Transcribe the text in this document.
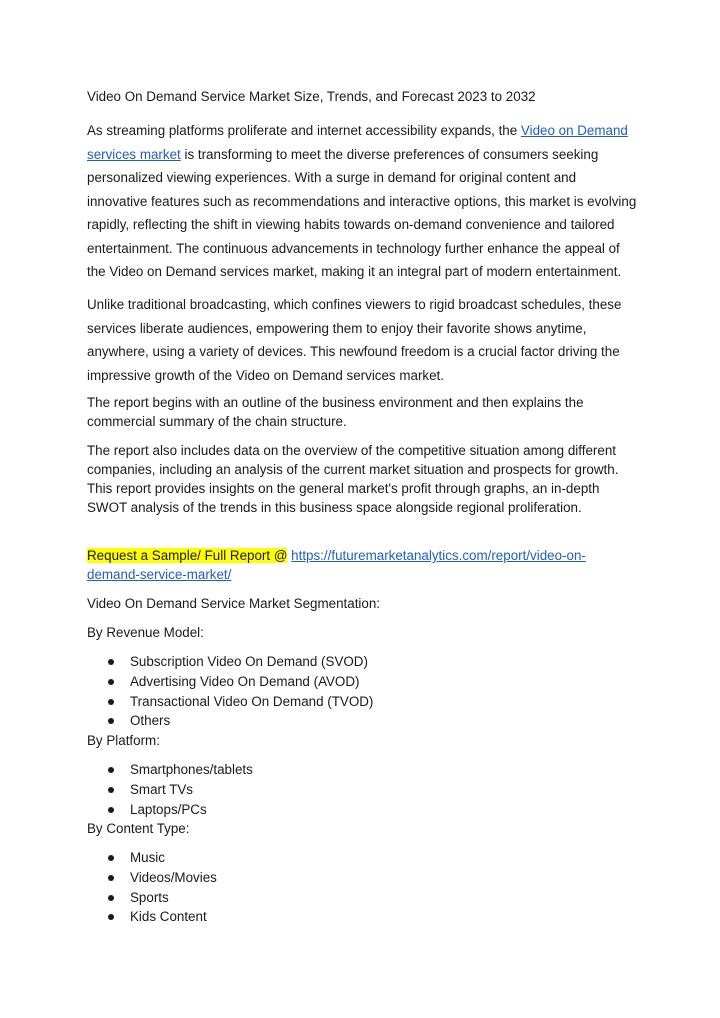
Video On Demand Service Market Size, Trends, and Forecast 2023 to 2032

As streaming platforms proliferate and internet accessibility expands, the Video on Demand services market is transforming to meet the diverse preferences of consumers seeking personalized viewing experiences. With a surge in demand for original content and innovative features such as recommendations and interactive options, this market is evolving rapidly, reflecting the shift in viewing habits towards on-demand convenience and tailored entertainment. The continuous advancements in technology further enhance the appeal of the Video on Demand services market, making it an integral part of modern entertainment.

Unlike traditional broadcasting, which confines viewers to rigid broadcast schedules, these services liberate audiences, empowering them to enjoy their favorite shows anytime, anywhere, using a variety of devices. This newfound freedom is a crucial factor driving the impressive growth of the Video on Demand services market.

The report begins with an outline of the business environment and then explains the commercial summary of the chain structure.

The report also includes data on the overview of the competitive situation among different companies, including an analysis of the current market situation and prospects for growth. This report provides insights on the general market's profit through graphs, an in-depth SWOT analysis of the trends in this business space alongside regional proliferation.

Request a Sample/ Full Report @ https://futuremarketanalytics.com/report/video-on-demand-service-market/

Video On Demand Service Market Segmentation:
By Revenue Model:
Subscription Video On Demand (SVOD)
Advertising Video On Demand (AVOD)
Transactional Video On Demand (TVOD)
Others
By Platform:
Smartphones/tablets
Smart TVs
Laptops/PCs
By Content Type:
Music
Videos/Movies
Sports
Kids Content
